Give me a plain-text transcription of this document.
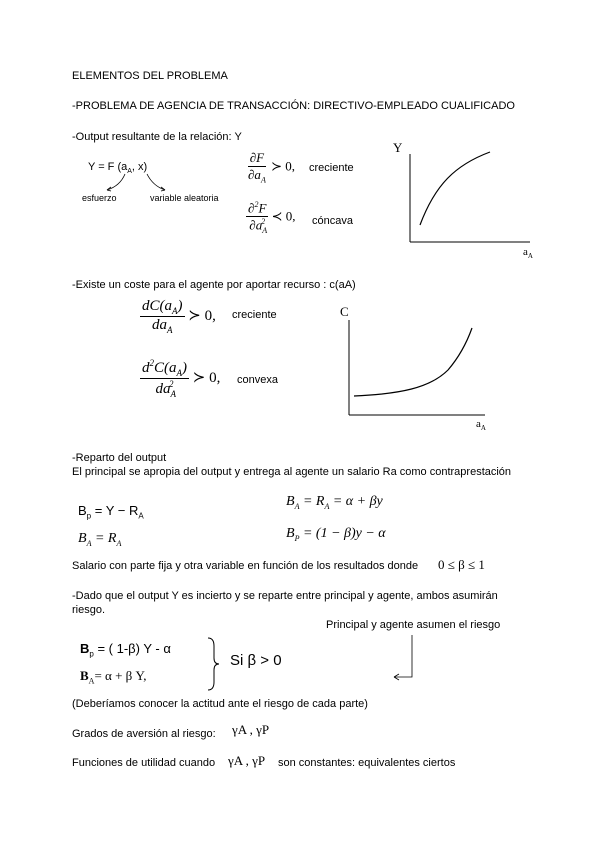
ELEMENTOS DEL PROBLEMA
-PROBLEMA DE AGENCIA DE TRANSACCIÓN: DIRECTIVO-EMPLEADO CUALIFICADO
-Output resultante de la relación: Y
Y = F ($a_A$, x)
esfuerzo	variable aleatoria
$\frac{\partial F}{\partial a_A}$ ≻ 0, creciente
$\frac{\partial^2F}{\partial a_A^2}$ ≺ 0, cóncava
Y
$a_A$
-Existe un coste para el agente por aportar recurso : c(aA)
$\frac{dC(a_A)}{da_A}$ ≻ 0, creciente
$\frac{d^2C(a_A)}{da_A^2}$ ≻ 0, convexa
C
$a_A$
-Reparto del output
El principal se apropia del output y entrega al agente un salario Ra como contraprestación
$B_p = Y - R_A$
$B_A = R_A$
$B_A = R_A = \alpha + \beta y$
$B_P = (1 - \beta)y - \alpha$
Salario con parte fija y otra variable en función de los resultados donde 0 ≤ β ≤ 1
-Dado que el output Y es incierto y se reparte entre principal y agente, ambos asumirán
riesgo.
Principal y agente asumen el riesgo
$B_p$ = ( 1-β) Y - α
$B_A= \alpha + \beta$ Y,
Si β > 0
(Deberíamos conocer la actitud ante el riesgo de cada parte)
Grados de aversión al riesgo: γA , γP
Funciones de utilidad cuando γA , γP son constantes: equivalentes ciertos
